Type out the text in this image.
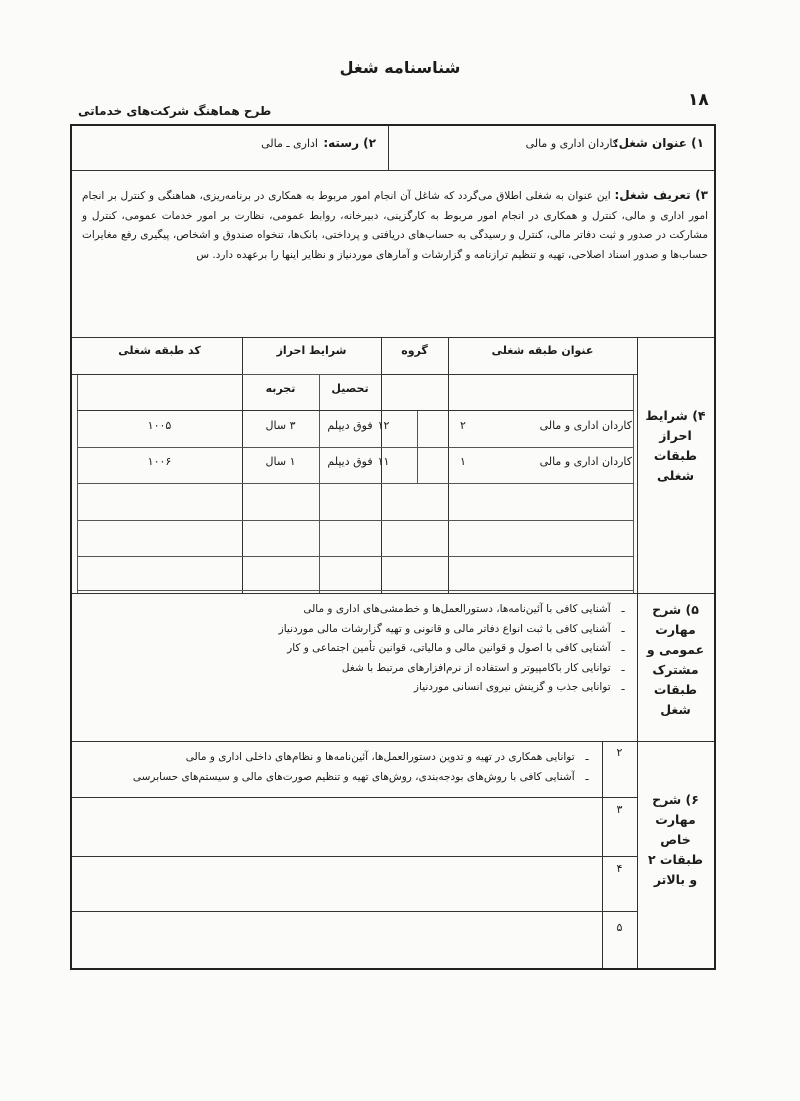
شناسنامه شغل
۱۸
طرح هماهنگ شرکت‌های خدماتی
۱) عنوان شغل:
کاردان اداری و مالی
۲) رسته:
اداری ـ مالی
۳) تعریف شغل: این عنوان به شغلی اطلاق می‌گردد که شاغل آن انجام امور مربوط به همکاری در برنامه‌ریزی، هماهنگی و کنترل بر انجام امور اداری و مالی، کنترل و همکاری در انجام امور مربوط به کارگزینی، دبیرخانه، روابط عمومی، نظارت بر امور خدمات عمومی، کنترل و مشارکت در صدور و ثبت دفاتر مالی، کنترل و رسیدگی به حساب‌های دریافتی و پرداختی، بانک‌ها، تنخواه صندوق و اشخاص، پیگیری رفع مغایرات حساب‌ها و صدور اسناد اصلاحی، تهیه و تنظیم ترازنامه و گزارشات و آمارهای موردنیاز و نظایر اینها را برعهده دارد. س
۴) شرایط
احراز
طبقات
شغلی
عنوان طبقه شغلی
گروه
شرایط احراز
کد طبقه شغلی
تحصیل
تجربه
کاردان اداری و مالی
۲
۱۲
فوق دیپلم
۳ سال
۱۰۰۵
کاردان اداری و مالی
۱
۱۱
فوق دیپلم
۱ سال
۱۰۰۶
۵) شرح
مهارت
عمومی و
مشترک
طبقات
شغل
ـ آشنایی کافی با آئین‌نامه‌ها، دستورالعمل‌ها و خط‌مشی‌های اداری و مالی
ـ آشنایی کافی با ثبت انواع دفاتر مالی و قانونی و تهیه گزارشات مالی موردنیاز
ـ آشنایی کافی با اصول و قوانین مالی و مالیاتی، قوانین تأمین اجتماعی و کار
ـ توانایی کار باکامپیوتر و استفاده از نرم‌افزارهای مرتبط با شغل
ـ توانایی جذب و گزینش نیروی انسانی موردنیاز
۶) شرح
مهارت
خاص
طبقات ۲
و بالاتر
۲
۳
۴
۵
ـ توانایی همکاری در تهیه و تدوین دستورالعمل‌ها، آئین‌نامه‌ها و نظام‌های داخلی اداری و مالی
ـ آشنایی کافی با روش‌های بودجه‌بندی، روش‌های تهیه و تنظیم صورت‌های مالی و سیستم‌های حسابرسی
